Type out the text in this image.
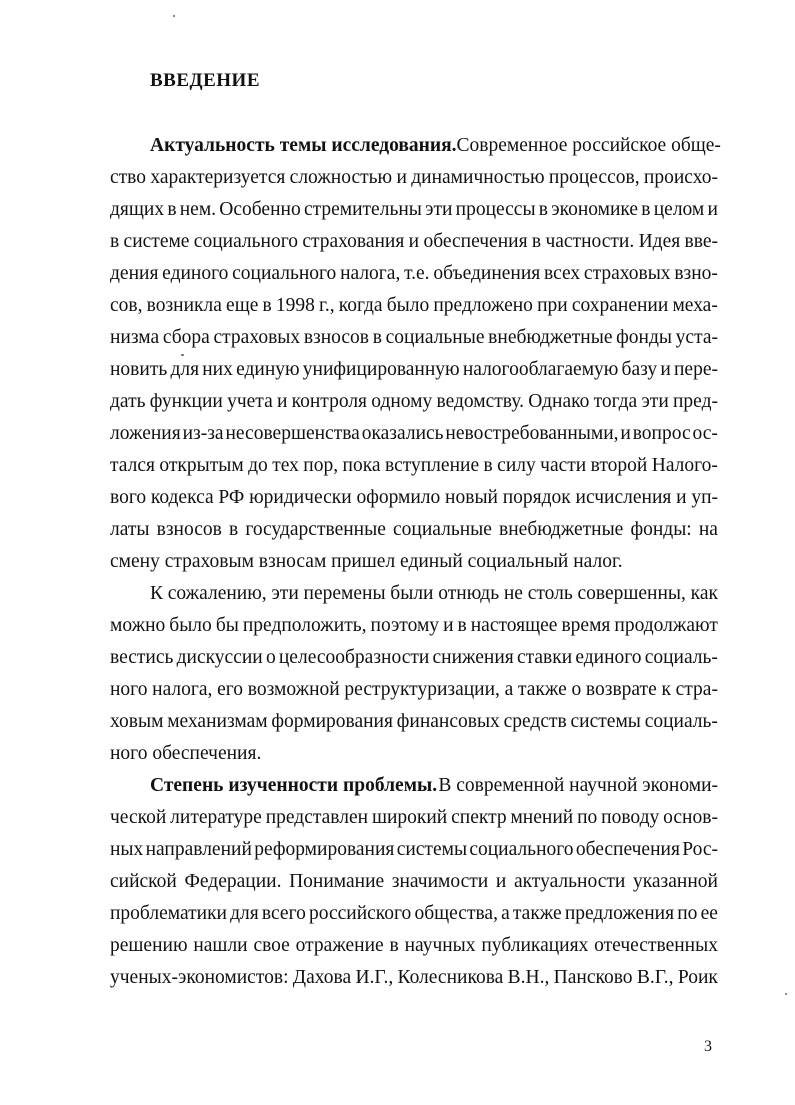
ВВЕДЕНИЕ
Актуальность темы исследования. Современное российское обще-
ство характеризуется сложностью и динамичностью процессов, происхо-
дящих в нем. Особенно стремительны эти процессы в экономике в целом и
в системе социального страхования и обеспечения в частности. Идея вве-
дения единого социального налога, т.е. объединения всех страховых взно-
сов, возникла еще в 1998 г., когда было предложено при сохранении меха-
низма сбора страховых взносов в социальные внебюджетные фонды уста-
новить для них единую унифицированную налогооблагаемую базу и пере-
дать функции учета и контроля одному ведомству. Однако тогда эти пред-
ложения из-за несовершенства оказались невостребованными, и вопрос ос-
тался открытым до тех пор, пока вступление в силу части второй Налого-
вого кодекса РФ юридически оформило новый порядок исчисления и уп-
латы взносов в государственные социальные внебюджетные фонды: на
смену страховым взносам пришел единый социальный налог.
К сожалению, эти перемены были отнюдь не столь совершенны, как
можно было бы предположить, поэтому и в настоящее время продолжают
вестись дискуссии о целесообразности снижения ставки единого социаль-
ного налога, его возможной реструктуризации, а также о возврате к стра-
ховым механизмам формирования финансовых средств системы социаль-
ного обеспечения.
Степень изученности проблемы. В современной научной экономи-
ческой литературе представлен широкий спектр мнений по поводу основ-
ных направлений реформирования системы социального обеспечения Рос-
сийской Федерации. Понимание значимости и актуальности указанной
проблематики для всего российского общества, а также предложения по ее
решению нашли свое отражение в научных публикациях отечественных
ученых-экономистов: Дахова И.Г., Колесникова В.Н., Пансково В.Г., Роик
3
